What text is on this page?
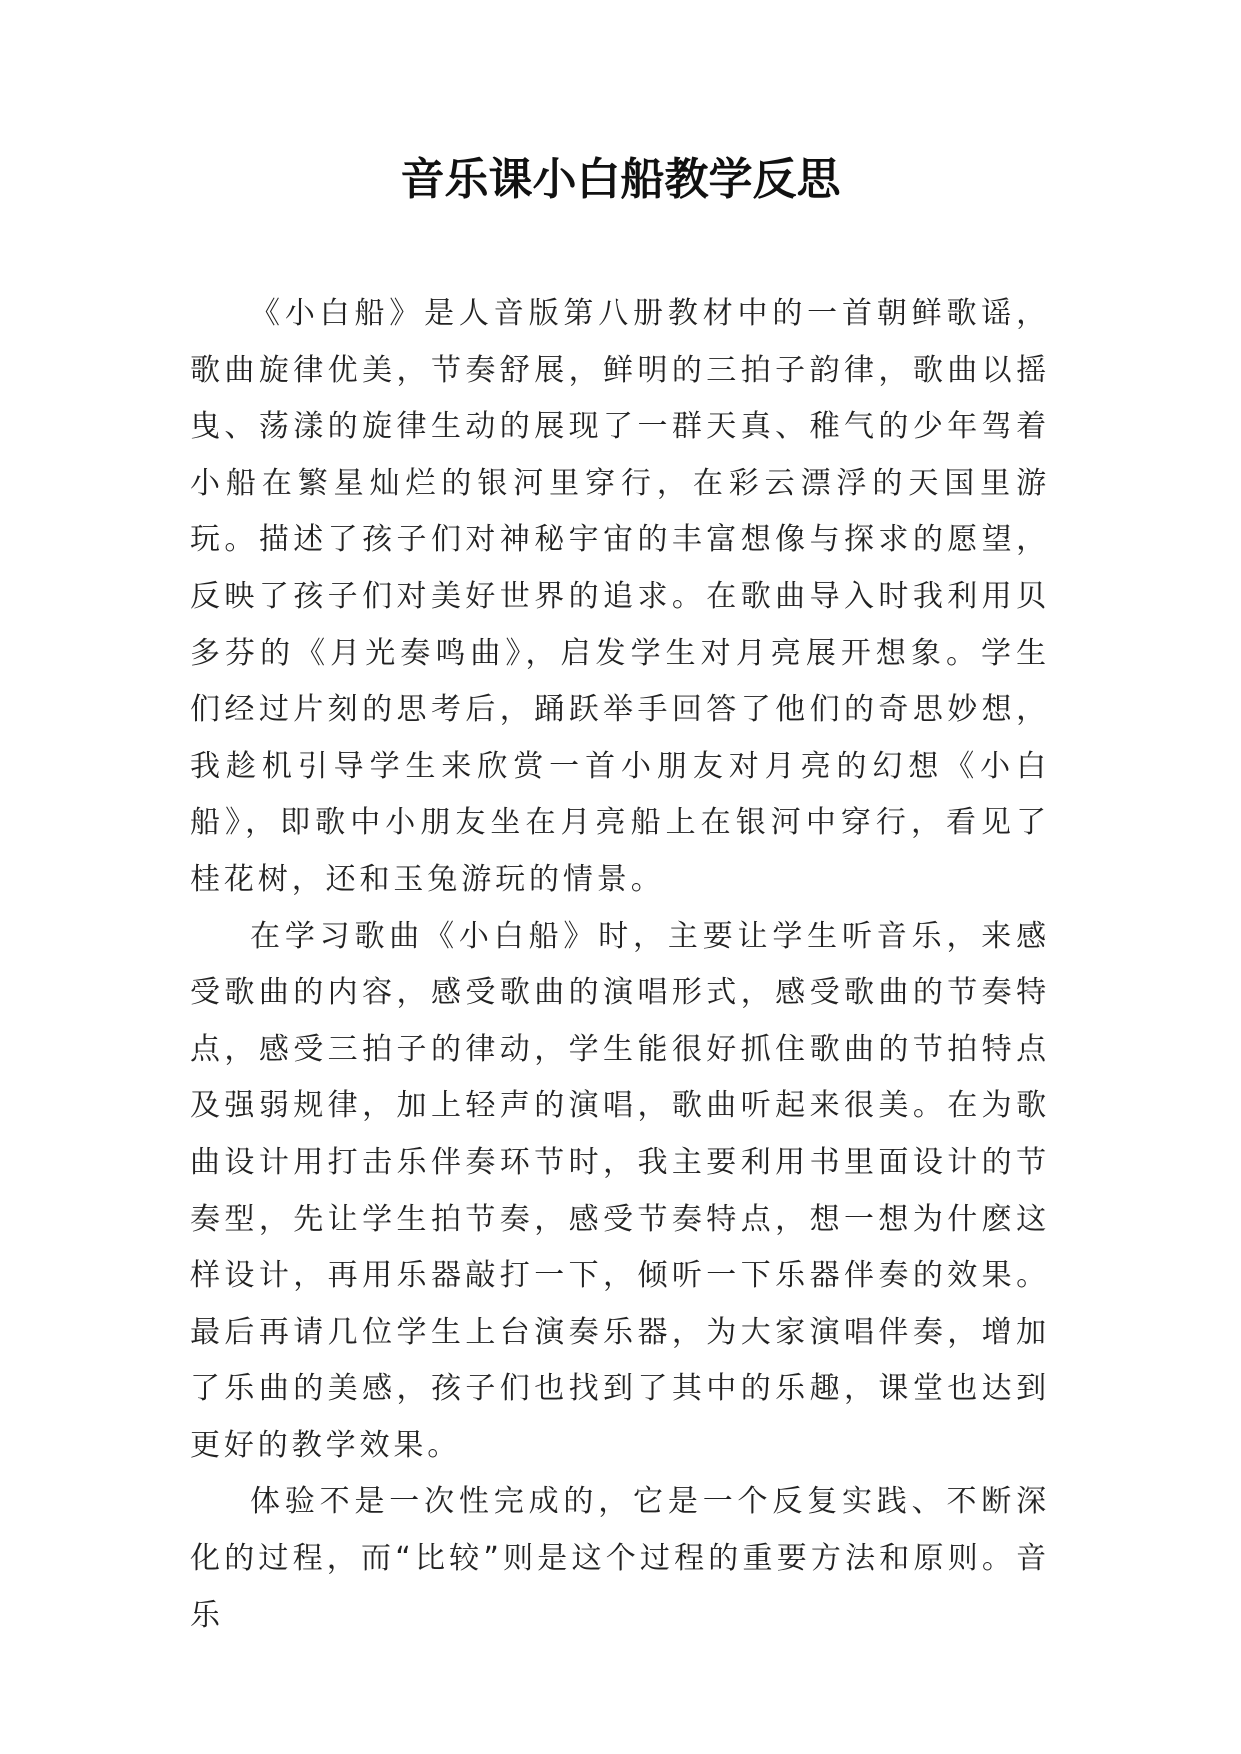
音乐课小白船教学反思

《小白船》是人音版第八册教材中的一首朝鲜歌谣，歌曲旋律优美，节奏舒展，鲜明的三拍子韵律，歌曲以摇曳、荡漾的旋律生动的展现了一群天真、稚气的少年驾着小船在繁星灿烂的银河里穿行，在彩云漂浮的天国里游玩。描述了孩子们对神秘宇宙的丰富想像与探求的愿望，反映了孩子们对美好世界的追求。在歌曲导入时我利用贝多芬的《月光奏鸣曲》，启发学生对月亮展开想象。学生们经过片刻的思考后，踊跃举手回答了他们的奇思妙想，我趁机引导学生来欣赏一首小朋友对月亮的幻想《小白船》，即歌中小朋友坐在月亮船上在银河中穿行，看见了桂花树，还和玉兔游玩的情景。

在学习歌曲《小白船》时，主要让学生听音乐，来感受歌曲的内容，感受歌曲的演唱形式，感受歌曲的节奏特点，感受三拍子的律动，学生能很好抓住歌曲的节拍特点及强弱规律，加上轻声的演唱，歌曲听起来很美。在为歌曲设计用打击乐伴奏环节时，我主要利用书里面设计的节奏型，先让学生拍节奏，感受节奏特点，想一想为什麽这样设计，再用乐器敲打一下，倾听一下乐器伴奏的效果。最后再请几位学生上台演奏乐器，为大家演唱伴奏，增加了乐曲的美感，孩子们也找到了其中的乐趣，课堂也达到更好的教学效果。

体验不是一次性完成的，它是一个反复实践、不断深化的过程，而“比较”则是这个过程的重要方法和原则。音乐
